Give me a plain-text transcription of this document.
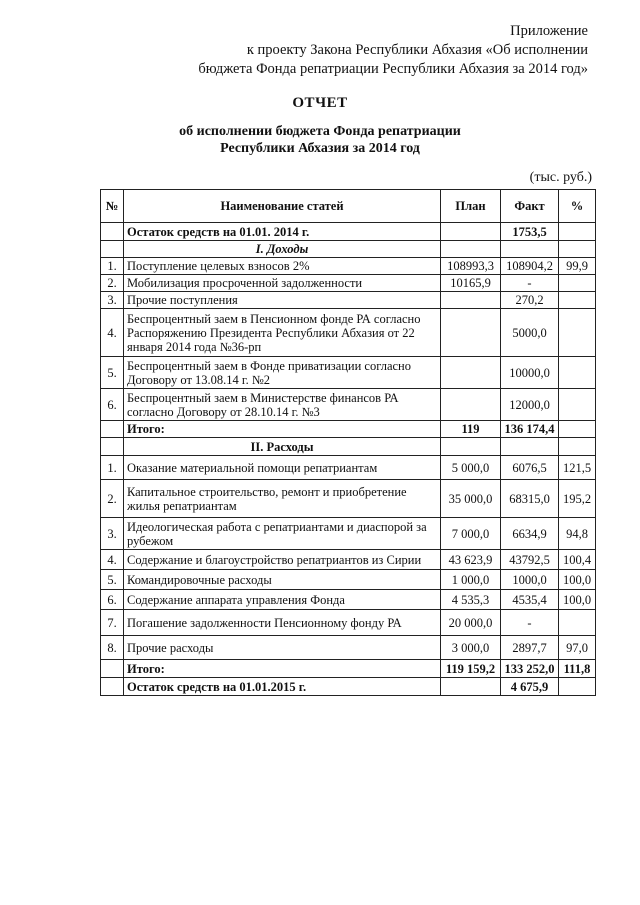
Приложение
к проекту Закона Республики Абхазия «Об исполнении
бюджета Фонда репатриации Республики Абхазия за 2014 год»
ОТЧЕТ
об исполнении бюджета Фонда репатриации
Республики Абхазия за 2014 год
(тыс. руб.)
№	Наименование статей	План	Факт	%
	Остаток средств на 01.01. 2014 г.		1753,5	
	I. Доходы			
1.	Поступление целевых взносов 2%	108993,3	108904,2	99,9
2.	Мобилизация просроченной задолженности	10165,9	-	
3.	Прочие поступления		270,2	
4.	Беспроцентный заем в Пенсионном фонде РА согласно Распоряжению Президента Республики Абхазия от 22 января 2014 года №36-рп		5000,0	
5.	Беспроцентный заем в Фонде приватизации согласно Договору от 13.08.14 г. №2		10000,0	
6.	Беспроцентный заем в Министерстве финансов РА согласно Договору от 28.10.14 г. №3		12000,0	
	Итого:	119	136 174,4	
	II. Расходы			
1.	Оказание материальной помощи репатриантам	5 000,0	6076,5	121,5
2.	Капитальное строительство, ремонт и приобретение жилья репатриантам	35 000,0	68315,0	195,2
3.	Идеологическая работа с репатриантами и диаспорой за рубежом	7 000,0	6634,9	94,8
4.	Содержание и благоустройство репатриантов из Сирии	43 623,9	43792,5	100,4
5.	Командировочные расходы	1 000,0	1000,0	100,0
6.	Содержание аппарата управления Фонда	4 535,3	4535,4	100,0
7.	Погашение задолженности Пенсионному фонду РА	20 000,0	-	
8.	Прочие расходы	3 000,0	2897,7	97,0
	Итого:	119 159,2	133 252,0	111,8
	Остаток средств на 01.01.2015 г.		4 675,9	
